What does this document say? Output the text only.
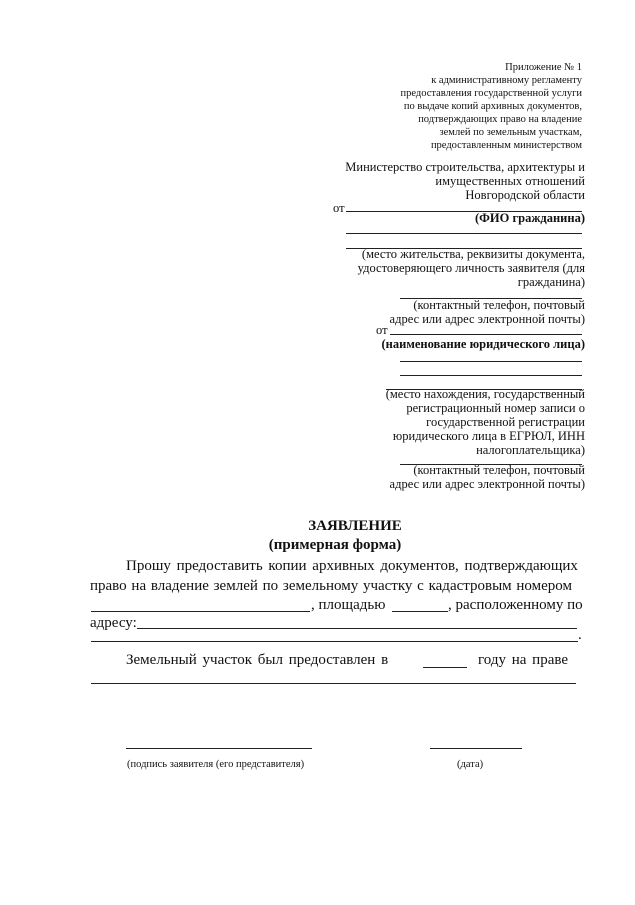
Приложение № 1
к административному регламенту
предоставления государственной услуги
по выдаче копий архивных документов,
подтверждающих право на владение
землей по земельным участкам,
предоставленным министерством
Министерство строительства, архитектуры и
имущественных отношений
Новгородской области
от
(ФИО гражданина)
(место жительства, реквизиты документа,
удостоверяющего личность заявителя (для
гражданина)
(контактный телефон, почтовый
адрес или адрес электронной почты)
от
(наименование юридического лица)
(место нахождения, государственный
регистрационный номер записи о
государственной регистрации
юридического лица в ЕГРЮЛ, ИНН
налогоплательщика)
(контактный телефон, почтовый
адрес или адрес электронной почты)
ЗАЯВЛЕНИЕ
(примерная форма)
Прошу предоставить копии архивных документов, подтверждающих
право на владение землей по земельному участку с кадастровым номером
, площадью	, расположенному по
адресу:
.
Земельный участок был предоставлен в	году на праве
(подпись заявителя (его представителя)	(дата)
